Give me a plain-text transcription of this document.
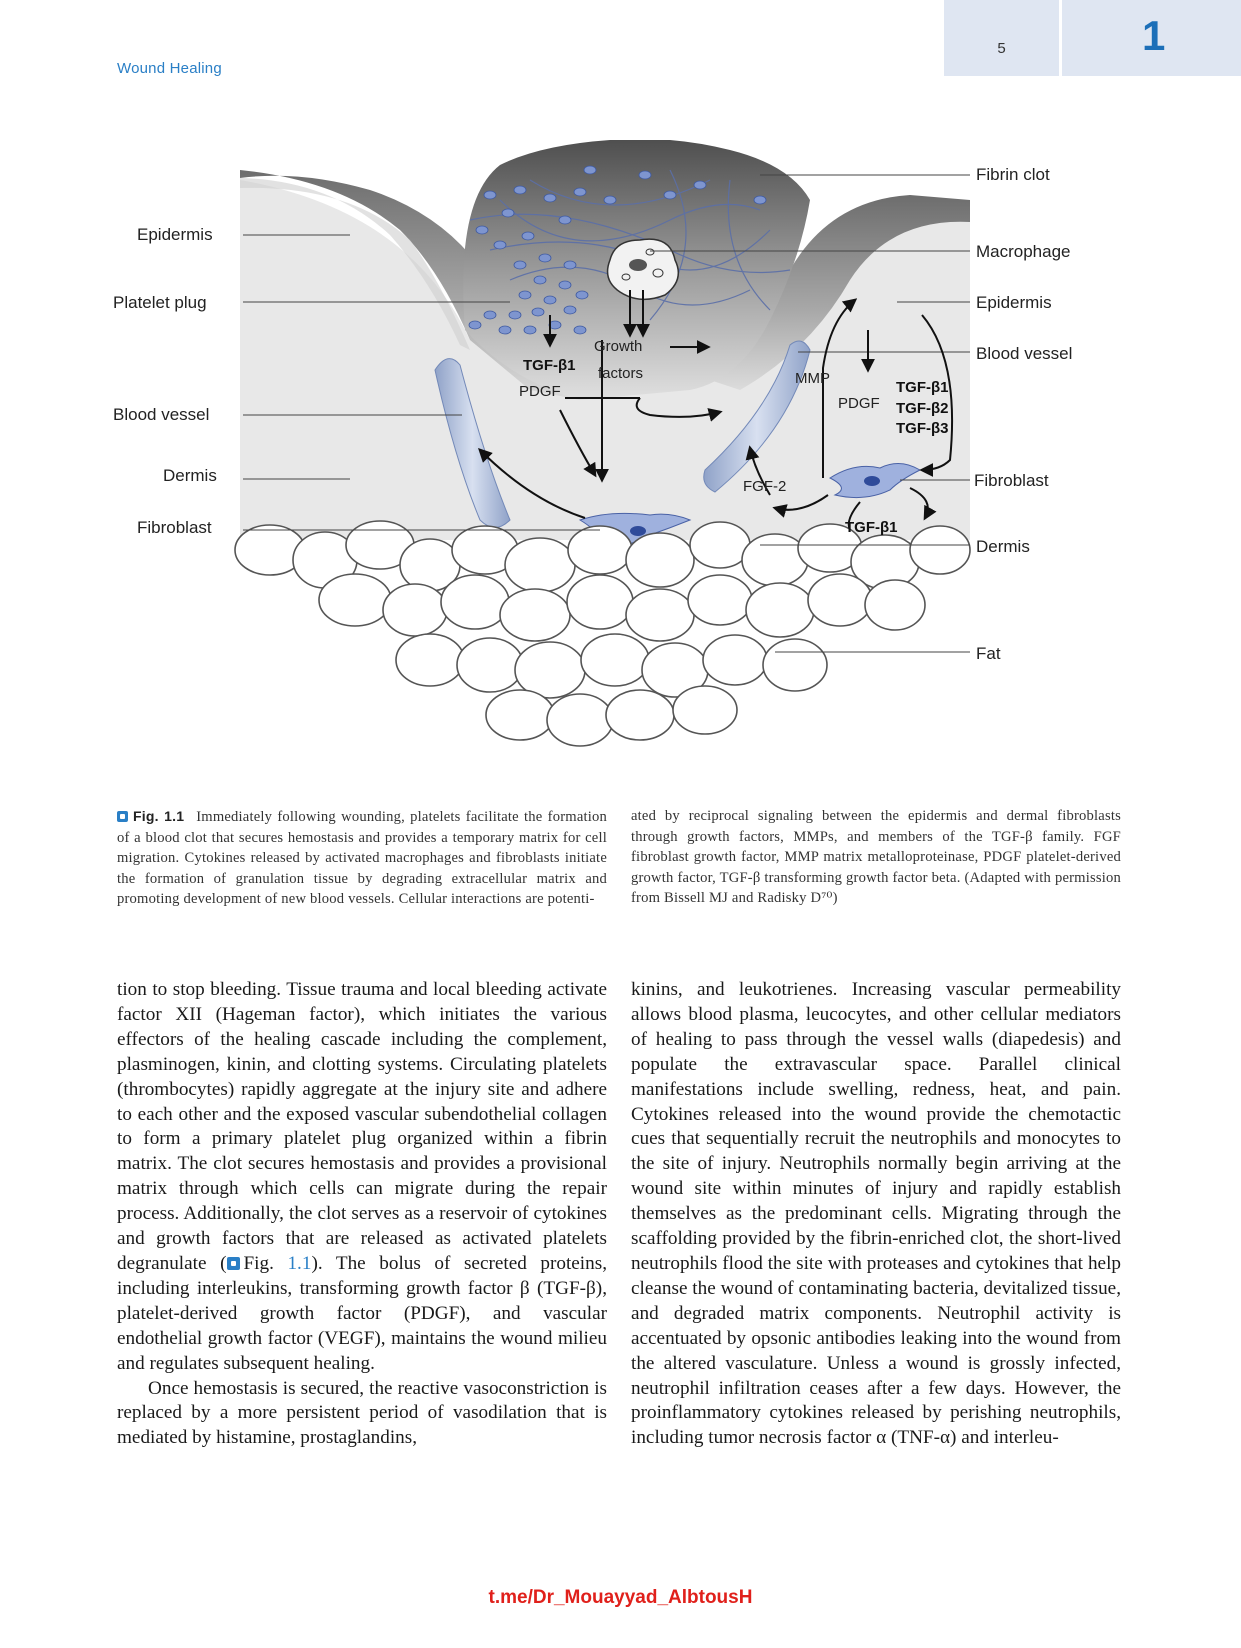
Wound Healing
5	1
Epidermis
Platelet plug
Blood vessel
Dermis
Fibroblast
Fibrin clot
Macrophage
Epidermis
Blood vessel
Fibroblast
Dermis
Fat
TGF-β1
PDGF
Growth
factors	MMP
PDGF
TGF-β1
TGF-β2
TGF-β3
FGF-2
TGF-β1
Fig. 1.1 Immediately following wounding, platelets facilitate the formation of a blood clot that secures hemostasis and provides a temporary matrix for cell migration. Cytokines released by activated macrophages and fibroblasts initiate the formation of granulation tissue by degrading extracellular matrix and promoting development of new blood vessels. Cellular interactions are potenti-
ated by reciprocal signaling between the epidermis and dermal fibroblasts through growth factors, MMPs, and members of the TGF-β family. FGF fibroblast growth factor, MMP matrix metalloproteinase, PDGF platelet-derived growth factor, TGF-β transforming growth factor beta. (Adapted with permission from Bissell MJ and Radisky D⁷⁰)

tion to stop bleeding. Tissue trauma and local bleeding activate factor XII (Hageman factor), which initiates the various effectors of the healing cascade including the complement, plasminogen, kinin, and clotting systems. Circulating platelets (thrombocytes) rapidly aggregate at the injury site and adhere to each other and the exposed vascular subendothelial collagen to form a primary platelet plug organized within a fibrin matrix. The clot secures hemostasis and provides a provisional matrix through which cells can migrate during the repair process. Additionally, the clot serves as a reservoir of cytokines and growth factors that are released as activated platelets degranulate ( Fig. 1.1). The bolus of secreted proteins, including interleukins, transforming growth factor β (TGF-β), platelet-derived growth factor (PDGF), and vascular endothelial growth factor (VEGF), maintains the wound milieu and regulates subsequent healing.

Once hemostasis is secured, the reactive vasoconstriction is replaced by a more persistent period of vasodilation that is mediated by histamine, prostaglandins,

kinins, and leukotrienes. Increasing vascular permeability allows blood plasma, leucocytes, and other cellular mediators of healing to pass through the vessel walls (diapedesis) and populate the extravascular space. Parallel clinical manifestations include swelling, redness, heat, and pain. Cytokines released into the wound provide the chemotactic cues that sequentially recruit the neutrophils and monocytes to the site of injury. Neutrophils normally begin arriving at the wound site within minutes of injury and rapidly establish themselves as the predominant cells. Migrating through the scaffolding provided by the fibrin-enriched clot, the short-lived neutrophils flood the site with proteases and cytokines that help cleanse the wound of contaminating bacteria, devitalized tissue, and degraded matrix components. Neutrophil activity is accentuated by opsonic antibodies leaking into the wound from the altered vasculature. Unless a wound is grossly infected, neutrophil infiltration ceases after a few days. However, the proinflammatory cytokines released by perishing neutrophils, including tumor necrosis factor α (TNF-α) and interleu-

t.me/Dr_Mouayyad_AlbtousH
